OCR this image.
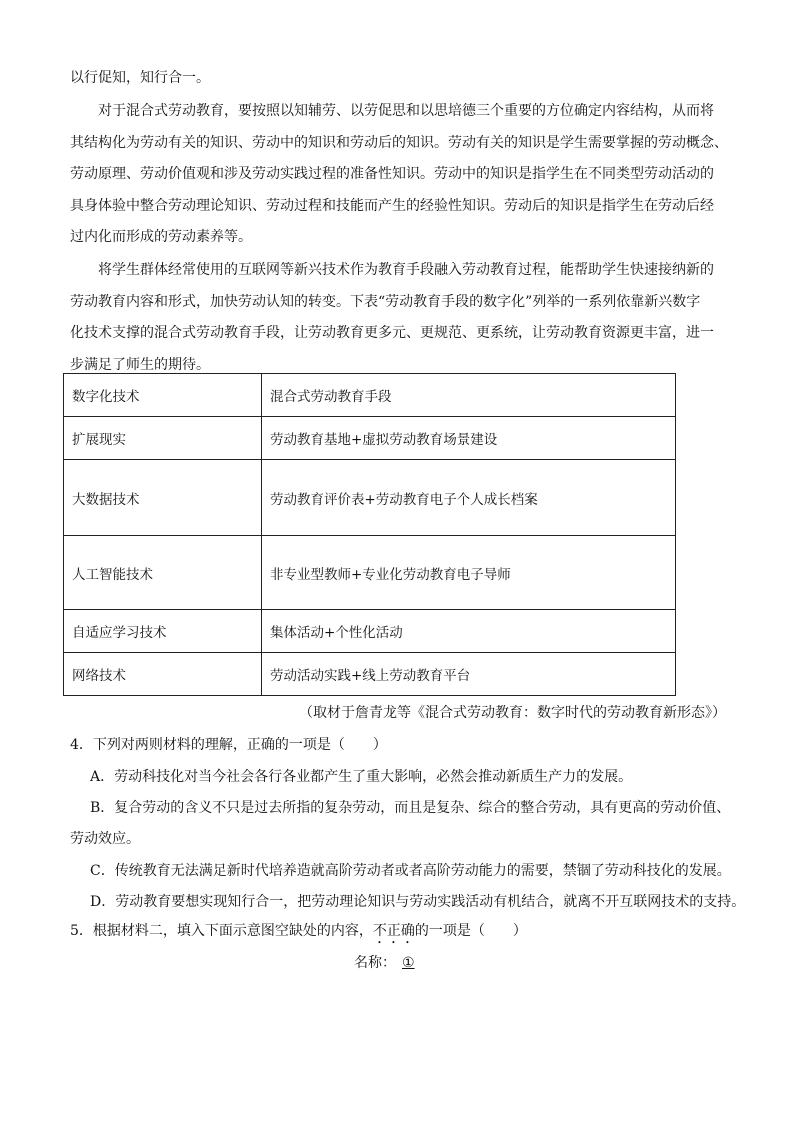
以行促知，知行合一。
对于混合式劳动教育，要按照以知辅劳、以劳促思和以思培德三个重要的方位确定内容结构，从而将
其结构化为劳动有关的知识、劳动中的知识和劳动后的知识。劳动有关的知识是学生需要掌握的劳动概念、
劳动原理、劳动价值观和涉及劳动实践过程的准备性知识。劳动中的知识是指学生在不同类型劳动活动的
具身体验中整合劳动理论知识、劳动过程和技能而产生的经验性知识。劳动后的知识是指学生在劳动后经
过内化而形成的劳动素养等。
将学生群体经常使用的互联网等新兴技术作为教育手段融入劳动教育过程，能帮助学生快速接纳新的
劳动教育内容和形式，加快劳动认知的转变。下表“劳动教育手段的数字化”列举的一系列依靠新兴数字
化技术支撑的混合式劳动教育手段，让劳动教育更多元、更规范、更系统，让劳动教育资源更丰富，进一
步满足了师生的期待。
数字化技术	混合式劳动教育手段
扩展现实	劳动教育基地+虚拟劳动教育场景建设
大数据技术	劳动教育评价表+劳动教育电子个人成长档案
人工智能技术	非专业型教师+专业化劳动教育电子导师
自适应学习技术	集体活动+个性化活动
网络技术	劳动活动实践+线上劳动教育平台
（取材于詹青龙等《混合式劳动教育：数字时代的劳动教育新形态》）
4．下列对两则材料的理解，正确的一项是（　　）
A．劳动科技化对当今社会各行各业都产生了重大影响，必然会推动新质生产力的发展。
B．复合劳动的含义不只是过去所指的复杂劳动，而且是复杂、综合的整合劳动，具有更高的劳动价值、
劳动效应。
C．传统教育无法满足新时代培养造就高阶劳动者或者高阶劳动能力的需要，禁锢了劳动科技化的发展。
D．劳动教育要想实现知行合一，把劳动理论知识与劳动实践活动有机结合，就离不开互联网技术的支持。
5．根据材料二，填入下面示意图空缺处的内容，不正确的一项是（　　）
名称： ①
